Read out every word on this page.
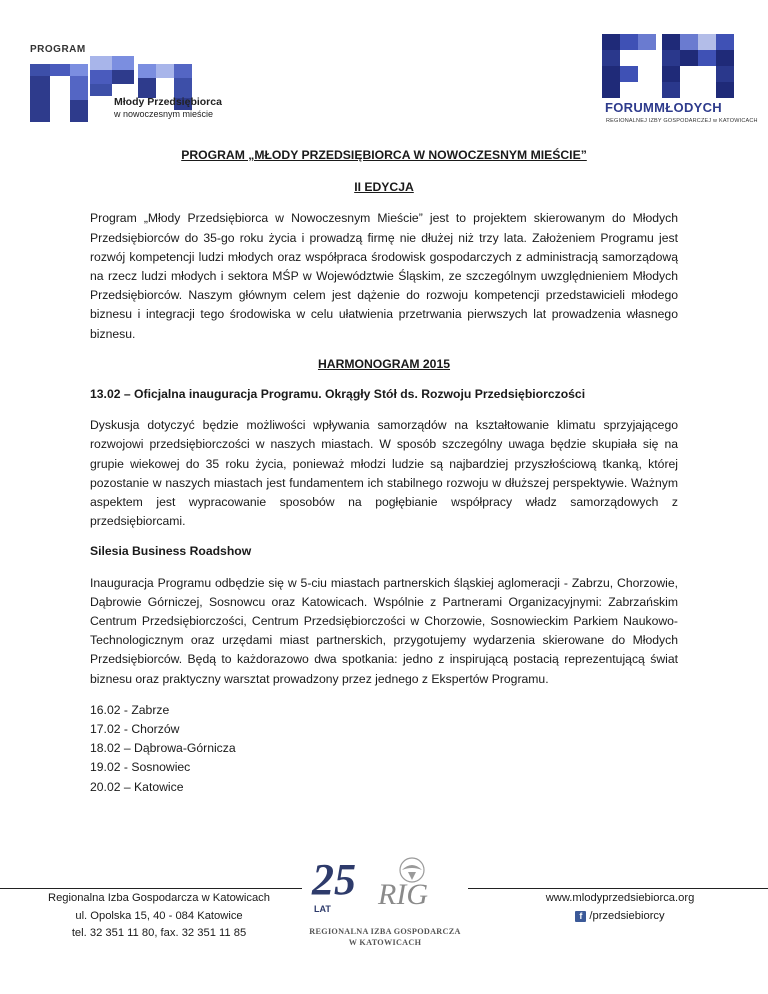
PROGRAM
Młody Przedsiębiorca
w nowoczesnym mieście	FORUMMŁODYCH
REGIONALNEJ IZBY GOSPODARCZEJ w KATOWICACH
PROGRAM „MŁODY PRZEDSIĘBIORCA W NOWOCZESNYM MIEŚCIE”
II EDYCJA

Program „Młody Przedsiębiorca w Nowoczesnym Mieście” jest to projektem skierowanym do Młodych Przedsiębiorców do 35-go roku życia i prowadzą firmę nie dłużej niż trzy lata. Założeniem Programu jest rozwój kompetencji ludzi młodych oraz współpraca środowisk gospodarczych z administracją samorządową na rzecz ludzi młodych i sektora MŚP w Województwie Śląskim, ze szczególnym uwzględnieniem Młodych Przedsiębiorców. Naszym głównym celem jest dążenie do rozwoju kompetencji przedstawicieli młodego biznesu i integracji tego środowiska w celu ułatwienia przetrwania pierwszych lat prowadzenia własnego biznesu.

HARMONOGRAM 2015
13.02 – Oficjalna inauguracja Programu. Okrągły Stół ds. Rozwoju Przedsiębiorczości

Dyskusja dotyczyć będzie możliwości wpływania samorządów na kształtowanie klimatu sprzyjającego rozwojowi przedsiębiorczości w naszych miastach. W sposób szczególny uwaga będzie skupiała się na grupie wiekowej do 35 roku życia, ponieważ młodzi ludzie są najbardziej przyszłościową tkanką, której pozostanie w naszych miastach jest fundamentem ich stabilnego rozwoju w dłuższej perspektywie. Ważnym aspektem jest wypracowanie sposobów na pogłębianie współpracy władz samorządowych z przedsiębiorcami.

Silesia Business Roadshow

Inauguracja Programu odbędzie się w 5-ciu miastach partnerskich śląskiej aglomeracji - Zabrzu, Chorzowie, Dąbrowie Górniczej, Sosnowcu oraz Katowicach. Wspólnie z Partnerami Organizacyjnymi: Zabrzańskim Centrum Przedsiębiorczości, Centrum Przedsiębiorczości w Chorzowie, Sosnowieckim Parkiem Naukowo-Technologicznym oraz urzędami miast partnerskich, przygotujemy wydarzenia skierowane do Młodych Przedsiębiorców. Będą to każdorazowo dwa spotkania: jedno z inspirującą postacią reprezentującą świat biznesu oraz praktyczny warsztat prowadzony przez jednego z Ekspertów Programu.

16.02 - Zabrze
17.02 - Chorzów
18.02 – Dąbrowa-Górnicza
19.02 - Sosnowiec
20.02 – Katowice
Regionalna Izba Gospodarcza w Katowicach
ul. Opolska 15, 40 - 084 Katowice
tel. 32 351 11 80, fax. 32 351 11 85
25
LAT RIG
REGIONALNA IZBA GOSPODARCZA
W KATOWICACH
www.mlodyprzedsiebiorca.org
f /przedsiebiorcy
